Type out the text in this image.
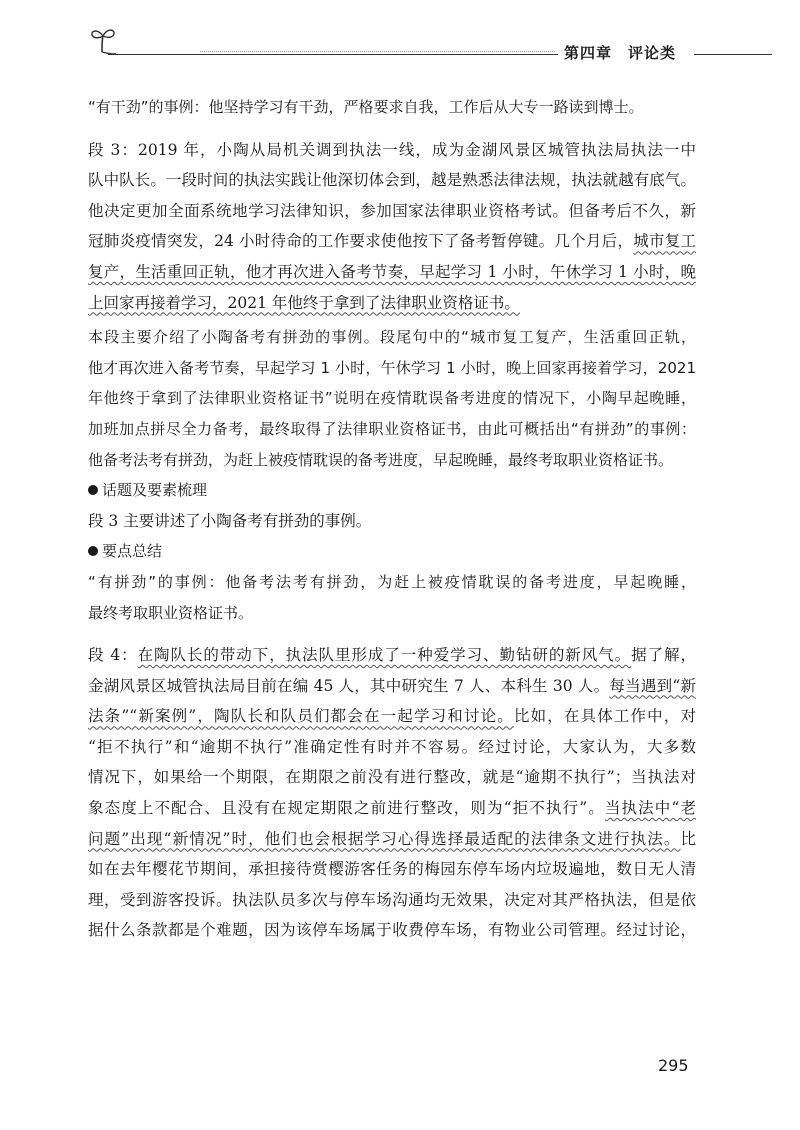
第四章 评论类
“有干劲”的事例：他坚持学习有干劲，严格要求自我，工作后从大专一路读到博士。
段 3：2019 年，小陶从局机关调到执法一线，成为金湖风景区城管执法局执法一中
队中队长。一段时间的执法实践让他深切体会到，越是熟悉法律法规，执法就越有底气。
他决定更加全面系统地学习法律知识，参加国家法律职业资格考试。但备考后不久，新
冠肺炎疫情突发，24 小时待命的工作要求使他按下了备考暂停键。几个月后，城市复工
复产，生活重回正轨，他才再次进入备考节奏，早起学习 1 小时，午休学习 1 小时，晚
上回家再接着学习，2021 年他终于拿到了法律职业资格证书。
本段主要介绍了小陶备考有拼劲的事例。段尾句中的“城市复工复产，生活重回正轨，
他才再次进入备考节奏，早起学习 1 小时，午休学习 1 小时，晚上回家再接着学习，2021
年他终于拿到了法律职业资格证书”说明在疫情耽误备考进度的情况下，小陶早起晚睡，
加班加点拼尽全力备考，最终取得了法律职业资格证书，由此可概括出“有拼劲”的事例：
他备考法考有拼劲，为赶上被疫情耽误的备考进度，早起晚睡，最终考取职业资格证书。
话题及要素梳理
段 3 主要讲述了小陶备考有拼劲的事例。
要点总结
“有拼劲”的事例：他备考法考有拼劲，为赶上被疫情耽误的备考进度，早起晚睡，
最终考取职业资格证书。
段 4：在陶队长的带动下，执法队里形成了一种爱学习、勤钻研的新风气。据了解，
金湖风景区城管执法局目前在编 45 人，其中研究生 7 人、本科生 30 人。每当遇到“新
法条”“新案例”，陶队长和队员们都会在一起学习和讨论。比如，在具体工作中，对
“拒不执行”和“逾期不执行”准确定性有时并不容易。经过讨论，大家认为，大多数
情况下，如果给一个期限，在期限之前没有进行整改，就是“逾期不执行”；当执法对
象态度上不配合、且没有在规定期限之前进行整改，则为“拒不执行”。当执法中“老
问题”出现“新情况”时，他们也会根据学习心得选择最适配的法律条文进行执法。比
如在去年樱花节期间，承担接待赏樱游客任务的梅园东停车场内垃圾遍地，数日无人清
理，受到游客投诉。执法队员多次与停车场沟通均无效果，决定对其严格执法，但是依
据什么条款都是个难题，因为该停车场属于收费停车场，有物业公司管理。经过讨论，
295
